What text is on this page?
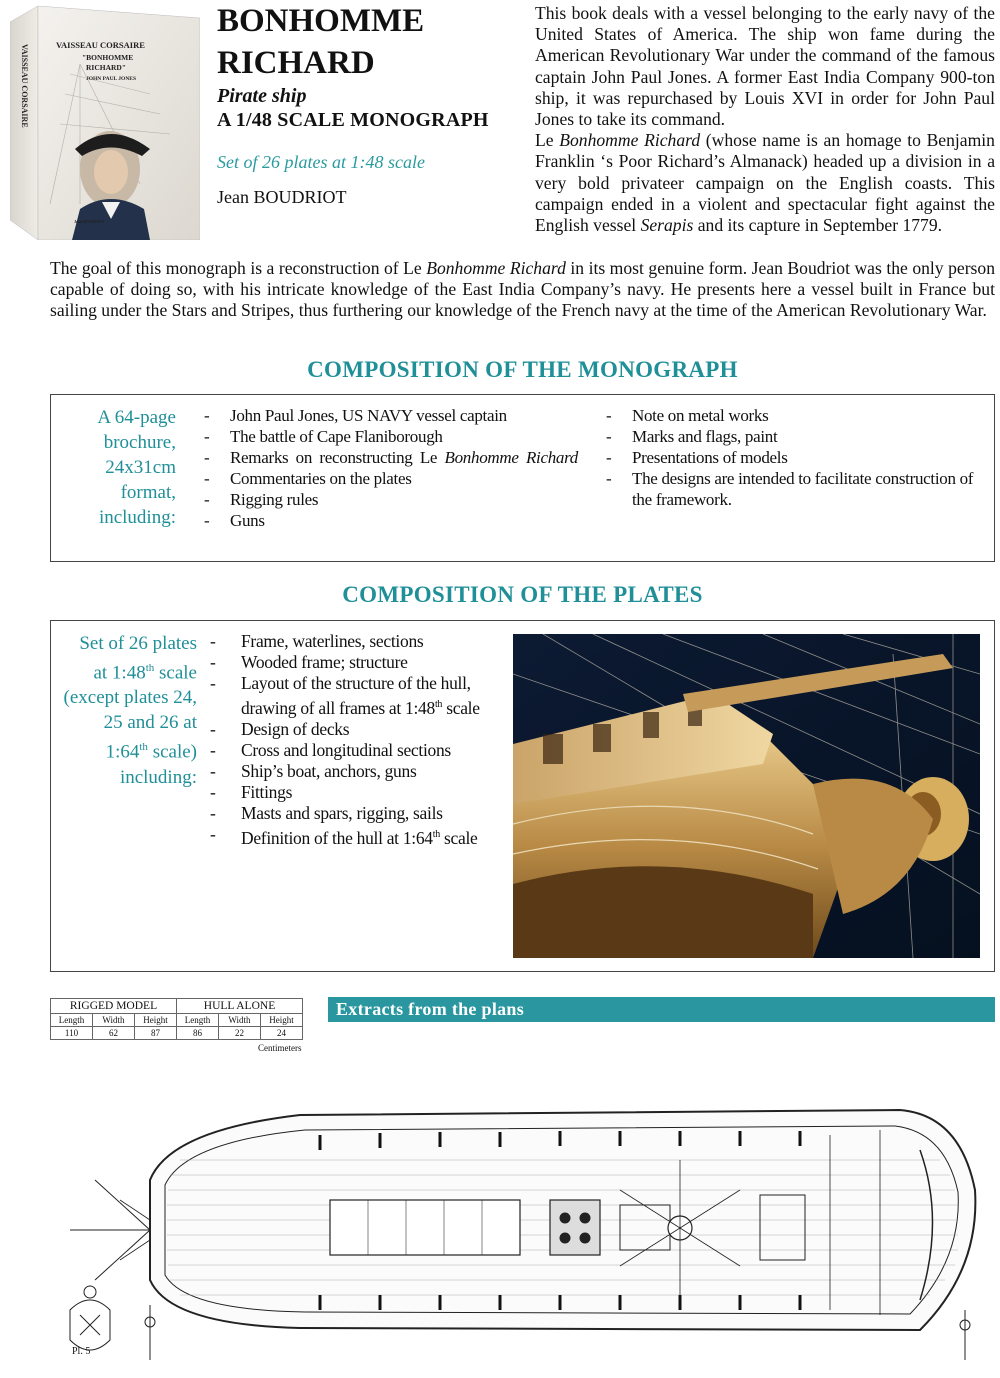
VAISSEAU CORSAIRE
"BONHOMME
RICHARD"
JOHN PAUL JONES
VAISSEAU CORSAIRE
Jean BOUDRIOT
BONHOMME
RICHARD
Pirate ship
A 1/48 SCALE MONOGRAPH
Set of 26 plates at 1:48 scale
Jean BOUDRIOT
This book deals with a vessel belonging to the early navy of the United States of America. The ship won fame during the American Revolutionary War under the command of the famous captain John Paul Jones. A former East India Company 900-ton ship, it was repurchased by Louis XVI in order for John Paul Jones to take its command.
Le Bonhomme Richard (whose name is an homage to Benjamin Franklin ‘s Poor Richard’s Almanack) headed up a division in a very bold privateer campaign on the English coasts. This campaign ended in a violent and spectacular fight against the English vessel Serapis and its capture in September 1779.
The goal of this monograph is a reconstruction of Le Bonhomme Richard in its most genuine form. Jean Boudriot was the only person capable of doing so, with his intricate knowledge of the East India Company’s navy. He presents here a vessel built in France but sailing under the Stars and Stripes, thus furthering our knowledge of the French navy at the time of the American Revolutionary War.
COMPOSITION OF THE MONOGRAPH
A 64-page brochure, 24x31cm format, including:
- John Paul Jones, US NAVY vessel captain
- The battle of Cape Flaniborough
- Remarks on reconstructing Le Bonhomme Richard
- Commentaries on the plates
- Rigging rules
- Guns
- Note on metal works
- Marks and flags, paint
- Presentations of models
- The designs are intended to facilitate construction of the framework.
COMPOSITION OF THE PLATES
Set of 26 plates at 1:48th scale (except plates 24, 25 and 26 at 1:64th scale) including:
- Frame, waterlines, sections
- Wooded frame; structure
- Layout of the structure of the hull, drawing of all frames at 1:48th scale
- Design of decks
- Cross and longitudinal sections
- Ship’s boat, anchors, guns
- Fittings
- Masts and spars, rigging, sails
- Definition of the hull at 1:64th scale
RIGGED MODEL			HULL ALONE		
Length	Width	Height	Length	Width	Height
110	62	87	86	22	24
Centimeters
Extracts from the plans
Pl. 5
